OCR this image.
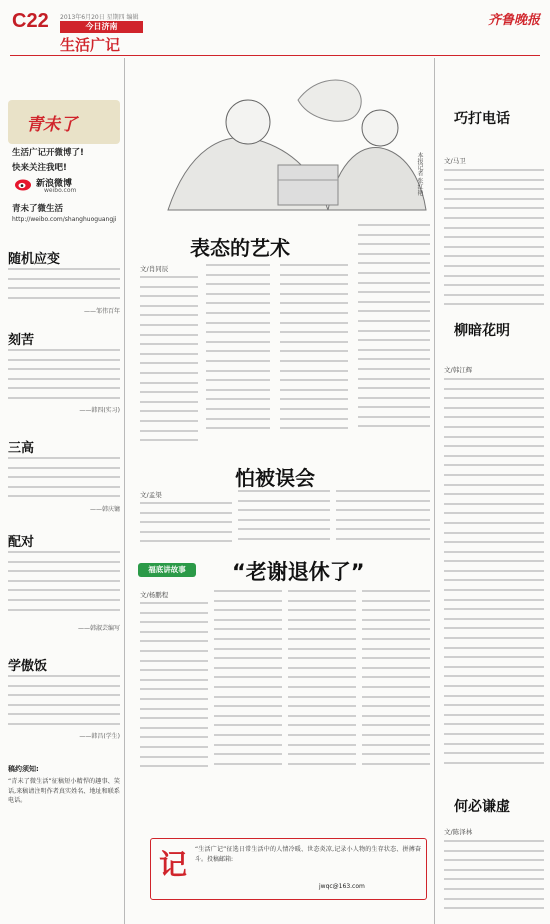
C22 2013年6月20日 星期四 编辑
今日济南
生活广记
齐鲁晚报
青未了
生活广记开微博了!
快来关注我吧!
新浪微博
weibo.com
青未了微生活
http://weibo.com/shanghuoguangji
随机应变
——邹伟百年
刻苦
——韩四(实习)
三高
——韩庆镛
配对
——韩淑芸编写
学傲饭
——韩昌(学生)
稿约须知:
“青未了微生活”征稿短小精悍的趣事、笑话,来稿请注明作者真实姓名、地址和联系电话。
本报记者 张红艳
表态的艺术
文/肖同辰
怕被误会
文/孟渠
福底讲故事	“老谢退休了”
文/杨鹏程
记 “生活广记”征选日常生活中的人情冷暖、世态炎凉,记录小人物的生存状态、拼搏奋斗。投稿邮箱:
jwqc@163.com
巧打电话
文/马卫
柳暗花明
文/韩江辉
何必谦虚
文/陈泽林
